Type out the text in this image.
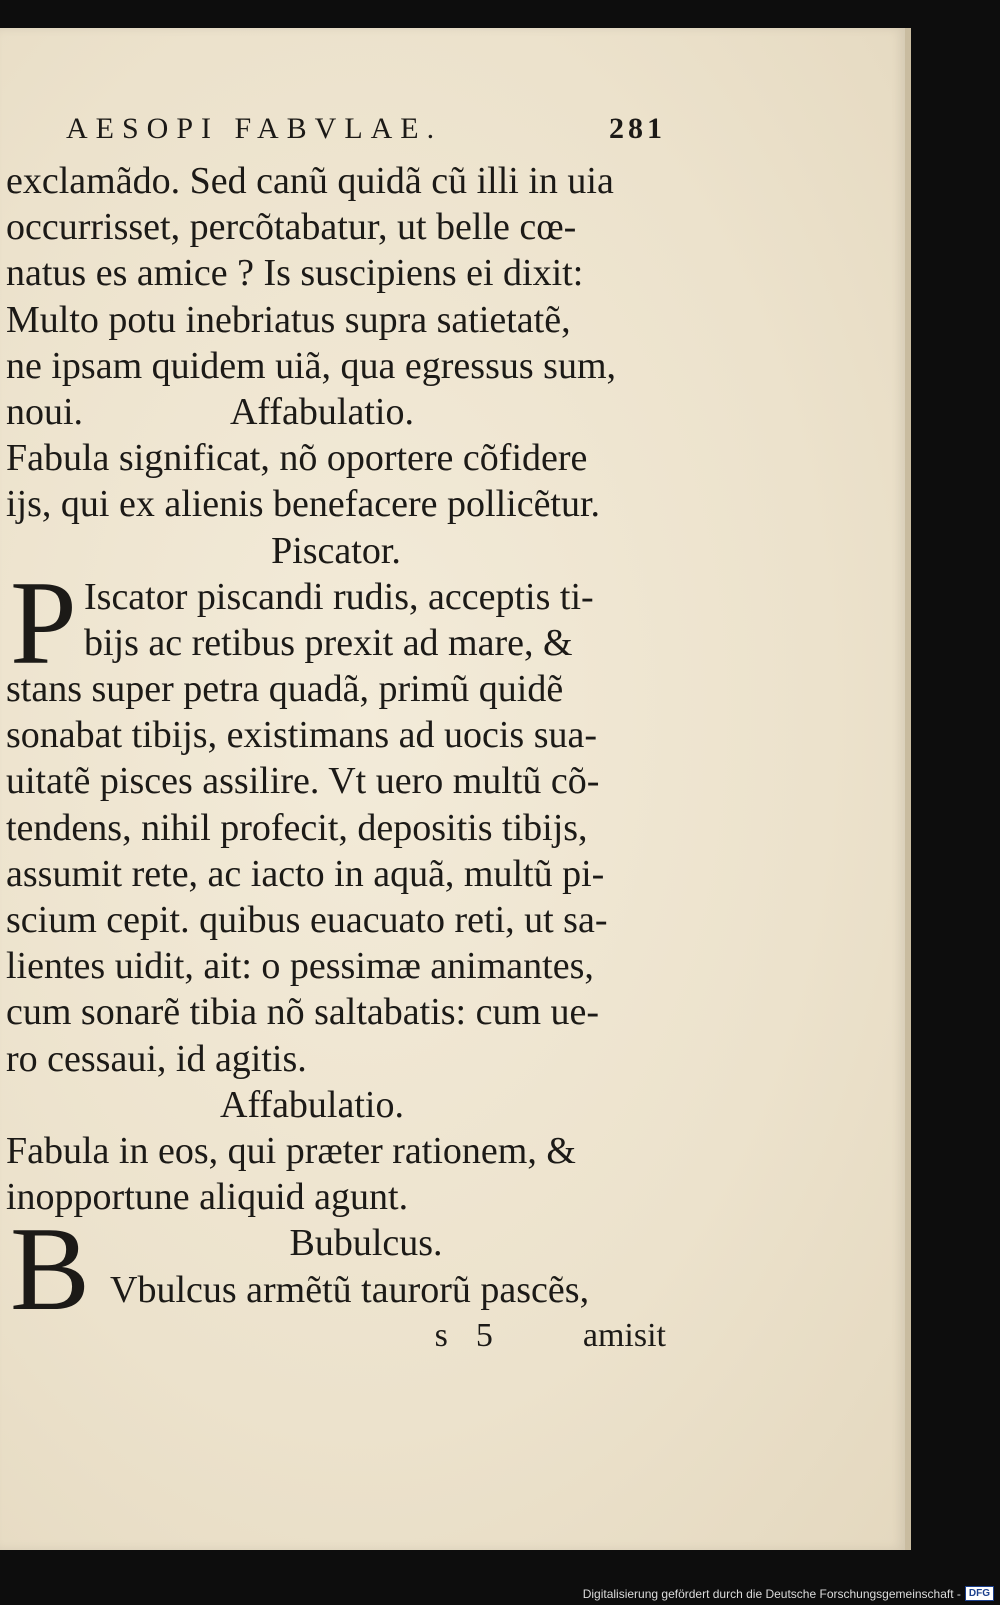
AESOPI FABVLAE.	281
exclamãdo. Sed canũ quidã cũ illi in uia
occurrisset, percõtabatur, ut belle cœ-
natus es amice ? Is suscipiens ei dixit:
Multo potu inebriatus supra satietatẽ,
ne ipsam quidem uiã, qua egressus sum,
noui.	Affabulatio.
Fabula significat, nõ oportere cõfidere
ijs, qui ex alienis benefacere pollicẽtur.
Piscator.
P Iscator piscandi rudis, acceptis ti-
bijs ac retibus prexit ad mare, &
stans super petra quadã, primũ quidẽ
sonabat tibijs, existimans ad uocis sua-
uitatẽ pisces assilire. Vt uero multũ cõ-
tendens, nihil profecit, depositis tibijs,
assumit rete, ac iacto in aquã, multũ pi-
scium cepit. quibus euacuato reti, ut sa-
lientes uidit, ait: o pessimæ animantes,
cum sonarẽ tibia nõ saltabatis: cum ue-
ro cessaui, id agitis.
Affabulatio.
Fabula in eos, qui præter rationem, &
inopportune aliquid agunt.
B	Bubulcus.
Vbulcus armẽtũ taurorũ pascẽs,
s 5	amisit
Digitalisierung gefördert durch die Deutsche Forschungsgemeinschaft - DFG
